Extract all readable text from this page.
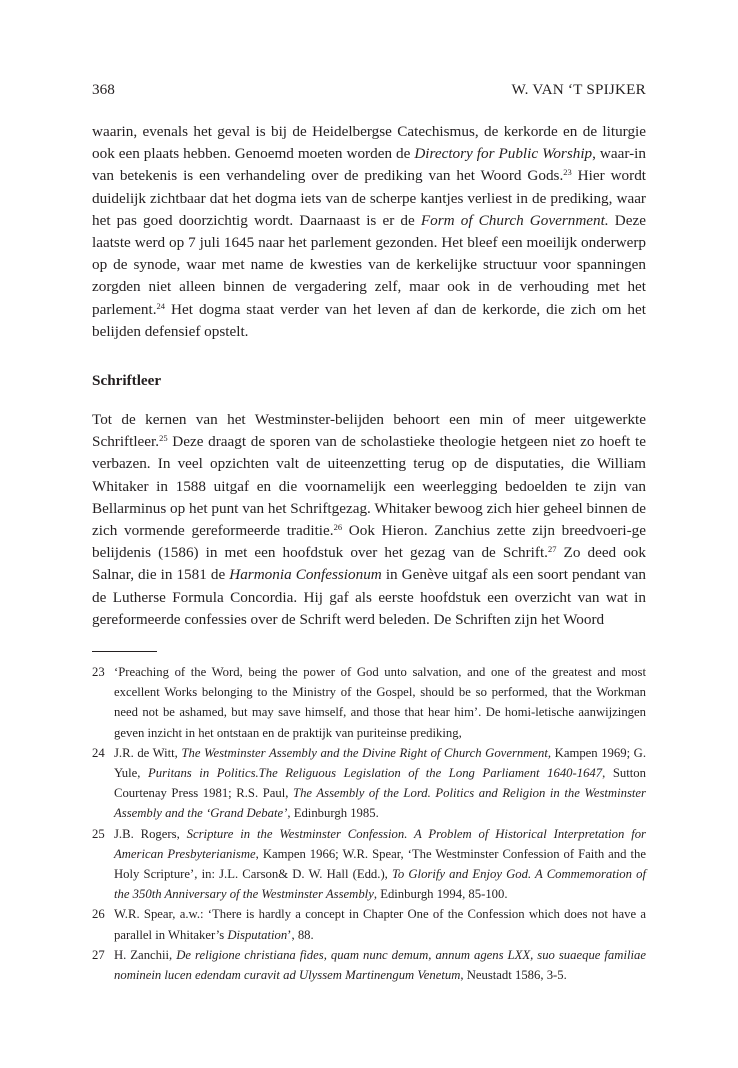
368	W. VAN ‘T SPIJKER

waarin, evenals het geval is bij de Heidelbergse Catechismus, de kerkorde en de liturgie ook een plaats hebben. Genoemd moeten worden de Directory for Public Worship, waar-in van betekenis is een verhandeling over de prediking van het Woord Gods.$^{23}$ Hier wordt duidelijk zichtbaar dat het dogma iets van de scherpe kantjes verliest in de prediking, waar het pas goed doorzichtig wordt. Daarnaast is er de Form of Church Government. Deze laatste werd op 7 juli 1645 naar het parlement gezonden. Het bleef een moeilijk onderwerp op de synode, waar met name de kwesties van de kerkelijke structuur voor spanningen zorgden niet alleen binnen de vergadering zelf, maar ook in de verhouding met het parlement.$^{24}$ Het dogma staat verder van het leven af dan de kerkorde, die zich om het belijden defensief opstelt.

Schriftleer

Tot de kernen van het Westminster-belijden behoort een min of meer uitgewerkte Schriftleer.$^{25}$ Deze draagt de sporen van de scholastieke theologie hetgeen niet zo hoeft te verbazen. In veel opzichten valt de uiteenzetting terug op de disputaties, die William Whitaker in 1588 uitgaf en die voornamelijk een weerlegging bedoelden te zijn van Bellarminus op het punt van het Schriftgezag. Whitaker bewoog zich hier geheel binnen de zich vormende gereformeerde traditie.$^{26}$ Ook Hieron. Zanchius zette zijn breedvoeri-ge belijdenis (1586) in met een hoofdstuk over het gezag van de Schrift.$^{27}$ Zo deed ook Salnar, die in 1581 de Harmonia Confessionum in Genève uitgaf als een soort pendant van de Lutherse Formula Concordia. Hij gaf als eerste hoofdstuk een overzicht van wat in gereformeerde confessies over de Schrift werd beleden. De Schriften zijn het Woord

23 ‘Preaching of the Word, being the power of God unto salvation, and one of the greatest and most excellent Works belonging to the Ministry of the Gospel, should be so performed, that the Workman need not be ashamed, but may save himself, and those that hear him’. De homi-letische aanwijzingen geven inzicht in het ontstaan en de praktijk van puriteinse prediking,

24 J.R. de Witt, The Westminster Assembly and the Divine Right of Church Government, Kampen 1969; G. Yule, Puritans in Politics.The Religuous Legislation of the Long Parliament 1640-1647, Sutton Courtenay Press 1981; R.S. Paul, The Assembly of the Lord. Politics and Religion in the Westminster Assembly and the ‘Grand Debate’, Edinburgh 1985.

25 J.B. Rogers, Scripture in the Westminster Confession. A Problem of Historical Interpretation for American Presbyterianisme, Kampen 1966; W.R. Spear, ‘The Westminster Confession of Faith and the Holy Scripture’, in: J.L. Carson& D. W. Hall (Edd.), To Glorify and Enjoy God. A Commemoration of the 350th Anniversary of the Westminster Assembly, Edinburgh 1994, 85-100.

26 W.R. Spear, a.w.: ‘There is hardly a concept in Chapter One of the Confession which does not have a parallel in Whitaker’s Disputation’, 88.

27 H. Zanchii, De religione christiana fides, quam nunc demum, annum agens LXX, suo suaeque familiae nominein lucen edendam curavit ad Ulyssem Martinengum Venetum, Neustadt 1586, 3-5.
